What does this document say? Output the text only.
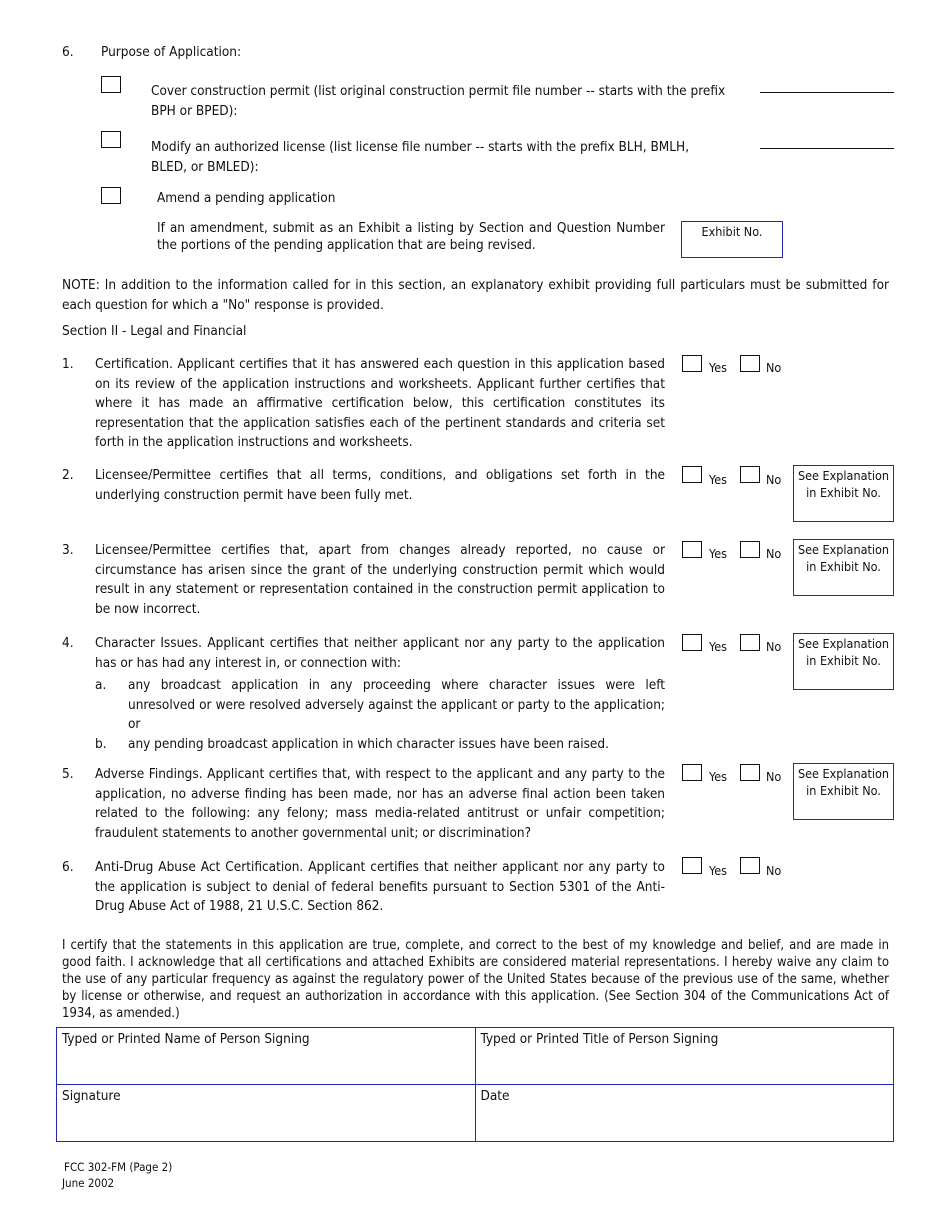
6. Purpose of Application:
Cover construction permit (list original construction permit file number -- starts with the prefix BPH or BPED):
Modify an authorized license (list license file number -- starts with the prefix BLH, BMLH, BLED, or BMLED):
Amend a pending application
If an amendment, submit as an Exhibit a listing by Section and Question Number the portions of the pending application that are being revised.
Exhibit No.
NOTE: In addition to the information called for in this section, an explanatory exhibit providing full particulars must be submitted for each question for which a "No" response is provided.
Section II - Legal and Financial
1. Certification. Applicant certifies that it has answered each question in this application based on its review of the application instructions and worksheets. Applicant further certifies that where it has made an affirmative certification below, this certification constitutes its representation that the application satisfies each of the pertinent standards and criteria set forth in the application instructions and worksheets.
Yes	No
2. Licensee/Permittee certifies that all terms, conditions, and obligations set forth in the underlying construction permit have been fully met.
Yes	No	See Explanation
in Exhibit No.
3. Licensee/Permittee certifies that, apart from changes already reported, no cause or circumstance has arisen since the grant of the underlying construction permit which would result in any statement or representation contained in the construction permit application to be now incorrect.
Yes	No	See Explanation
in Exhibit No.
4. Character Issues. Applicant certifies that neither applicant nor any party to the application has or has had any interest in, or connection with:
a. any broadcast application in any proceeding where character issues were left unresolved or were resolved adversely against the applicant or party to the application; or
b. any pending broadcast application in which character issues have been raised.
Yes	No	See Explanation
in Exhibit No.
5. Adverse Findings. Applicant certifies that, with respect to the applicant and any party to the application, no adverse finding has been made, nor has an adverse final action been taken related to the following: any felony; mass media-related antitrust or unfair competition; fraudulent statements to another governmental unit; or discrimination?
Yes	No	See Explanation
in Exhibit No.
6. Anti-Drug Abuse Act Certification. Applicant certifies that neither applicant nor any party to the application is subject to denial of federal benefits pursuant to Section 5301 of the Anti-Drug Abuse Act of 1988, 21 U.S.C. Section 862.
Yes	No
I certify that the statements in this application are true, complete, and correct to the best of my knowledge and belief, and are made in good faith. I acknowledge that all certifications and attached Exhibits are considered material representations. I hereby waive any claim to the use of any particular frequency as against the regulatory power of the United States because of the previous use of the same, whether by license or otherwise, and request an authorization in accordance with this application. (See Section 304 of the Communications Act of 1934, as amended.)
Typed or Printed Name of Person Signing	Typed or Printed Title of Person Signing
Signature	Date
FCC 302-FM (Page 2)
June 2002
